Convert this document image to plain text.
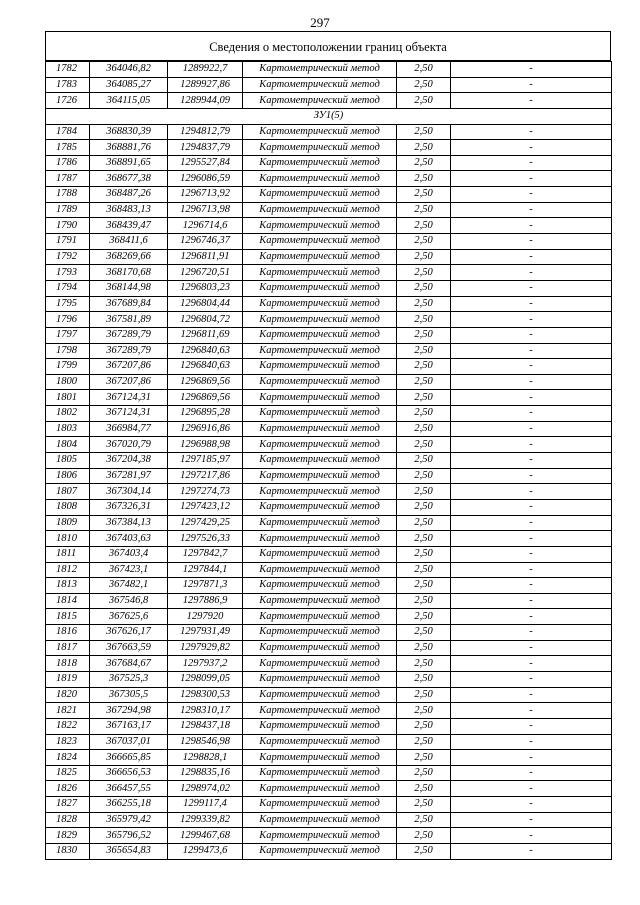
297
Сведения о местоположении границ объекта
1782	364046,82	1289922,7	Картометрический метод	2,50	-
1783	364085,27	1289927,86	Картометрический метод	2,50	-
1726	364115,05	1289944,09	Картометрический метод	2,50	-
ЗУ1(5)					
1784	368830,39	1294812,79	Картометрический метод	2,50	-
1785	368881,76	1294837,79	Картометрический метод	2,50	-
1786	368891,65	1295527,84	Картометрический метод	2,50	-
1787	368677,38	1296086,59	Картометрический метод	2,50	-
1788	368487,26	1296713,92	Картометрический метод	2,50	-
1789	368483,13	1296713,98	Картометрический метод	2,50	-
1790	368439,47	1296714,6	Картометрический метод	2,50	-
1791	368411,6	1296746,37	Картометрический метод	2,50	-
1792	368269,66	1296811,91	Картометрический метод	2,50	-
1793	368170,68	1296720,51	Картометрический метод	2,50	-
1794	368144,98	1296803,23	Картометрический метод	2,50	-
1795	367689,84	1296804,44	Картометрический метод	2,50	-
1796	367581,89	1296804,72	Картометрический метод	2,50	-
1797	367289,79	1296811,69	Картометрический метод	2,50	-
1798	367289,79	1296840,63	Картометрический метод	2,50	-
1799	367207,86	1296840,63	Картометрический метод	2,50	-
1800	367207,86	1296869,56	Картометрический метод	2,50	-
1801	367124,31	1296869,56	Картометрический метод	2,50	-
1802	367124,31	1296895,28	Картометрический метод	2,50	-
1803	366984,77	1296916,86	Картометрический метод	2,50	-
1804	367020,79	1296988,98	Картометрический метод	2,50	-
1805	367204,38	1297185,97	Картометрический метод	2,50	-
1806	367281,97	1297217,86	Картометрический метод	2,50	-
1807	367304,14	1297274,73	Картометрический метод	2,50	-
1808	367326,31	1297423,12	Картометрический метод	2,50	-
1809	367384,13	1297429,25	Картометрический метод	2,50	-
1810	367403,63	1297526,33	Картометрический метод	2,50	-
1811	367403,4	1297842,7	Картометрический метод	2,50	-
1812	367423,1	1297844,1	Картометрический метод	2,50	-
1813	367482,1	1297871,3	Картометрический метод	2,50	-
1814	367546,8	1297886,9	Картометрический метод	2,50	-
1815	367625,6	1297920	Картометрический метод	2,50	-
1816	367626,17	1297931,49	Картометрический метод	2,50	-
1817	367663,59	1297929,82	Картометрический метод	2,50	-
1818	367684,67	1297937,2	Картометрический метод	2,50	-
1819	367525,3	1298099,05	Картометрический метод	2,50	-
1820	367305,5	1298300,53	Картометрический метод	2,50	-
1821	367294,98	1298310,17	Картометрический метод	2,50	-
1822	367163,17	1298437,18	Картометрический метод	2,50	-
1823	367037,01	1298546,98	Картометрический метод	2,50	-
1824	366665,85	1298828,1	Картометрический метод	2,50	-
1825	366656,53	1298835,16	Картометрический метод	2,50	-
1826	366457,55	1298974,02	Картометрический метод	2,50	-
1827	366255,18	1299117,4	Картометрический метод	2,50	-
1828	365979,42	1299339,82	Картометрический метод	2,50	-
1829	365796,52	1299467,68	Картометрический метод	2,50	-
1830	365654,83	1299473,6	Картометрический метод	2,50	-
